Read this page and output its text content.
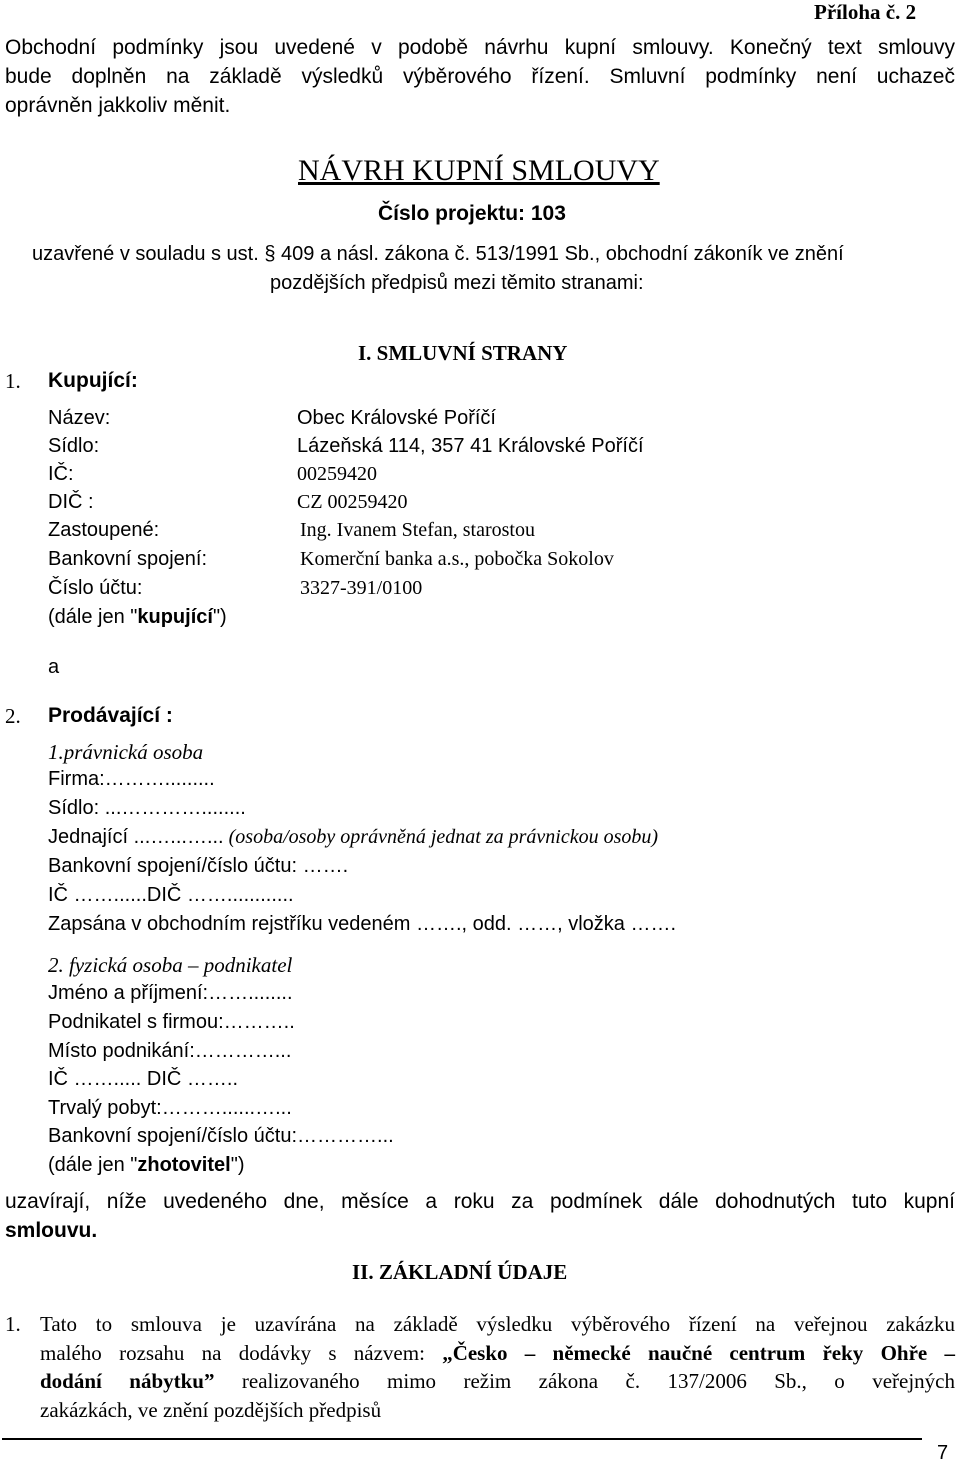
Příloha č. 2
Obchodní podmínky jsou uvedené v podobě návrhu kupní smlouvy. Konečný text smlouvy
bude doplněn na základě výsledků výběrového řízení. Smluvní podmínky není uchazeč
oprávněn jakkoliv měnit.
NÁVRH KUPNÍ SMLOUVY
Číslo projektu: 103
uzavřené v souladu s ust. § 409 a násl. zákona č. 513/1991 Sb., obchodní zákoník ve znění
pozdějších předpisů mezi těmito stranami:
I. SMLUVNÍ STRANY
1. Kupující:
Název:	Obec Královské Poříčí
Sídlo:	Lázeňská 114, 357 41 Královské Poříčí
IČ:	00259420
DIČ :	CZ 00259420
Zastoupené:	Ing. Ivanem Stefan, starostou
Bankovní spojení:	Komerční banka a.s., pobočka Sokolov
Číslo účtu:	3327-391/0100
(dále jen "kupující")
a
2. Prodávající :
1.právnická osoba
Firma:……….........
Sídlo: ...…………........
Jednající ...…...…... (osoba/osoby oprávněná jednat za právnickou osobu)
Bankovní spojení/číslo účtu: …….
IČ ……......DIČ ……............
Zapsána v obchodním rejstříku vedeném ……., odd. ……, vložka …….
2. fyzická osoba – podnikatel
Jméno a příjmení:……........
Podnikatel s firmou:………..
Místo podnikání:…………...
IČ ……..... DIČ ……..
Trvalý pobyt:………......…...
Bankovní spojení/číslo účtu:…………...
(dále jen "zhotovitel")
uzavírají, níže uvedeného dne, měsíce a roku za podmínek dále dohodnutých tuto kupní
smlouvu.
II. ZÁKLADNÍ ÚDAJE
1. Tato to smlouva je uzavírána na základě výsledku výběrového řízení na veřejnou zakázku
malého rozsahu na dodávky s názvem: „Česko – německé naučné centrum řeky Ohře –
dodání nábytku” realizovaného mimo režim zákona č. 137/2006 Sb., o veřejných
zakázkách, ve znění pozdějších předpisů
7
